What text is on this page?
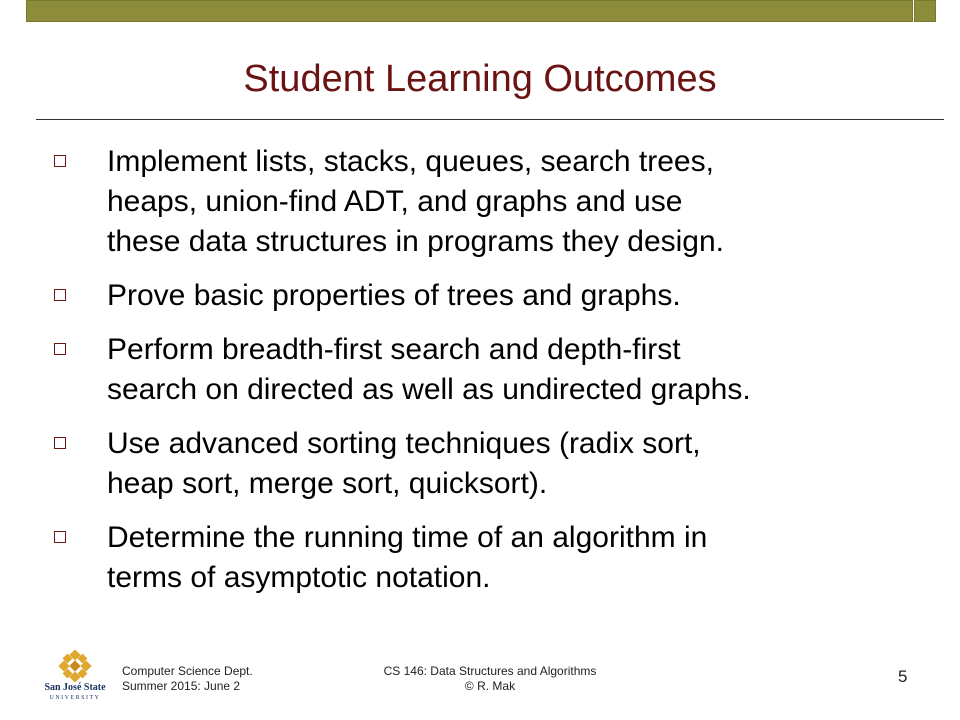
Student Learning Outcomes
Implement lists, stacks, queues, search trees,
heaps, union-find ADT, and graphs and use
these data structures in programs they design.
Prove basic properties of trees and graphs.
Perform breadth-first search and depth-first
search on directed as well as undirected graphs.
Use advanced sorting techniques (radix sort,
heap sort, merge sort, quicksort).
Determine the running time of an algorithm in
terms of asymptotic notation.
San José State
UNIVERSITY
Computer Science Dept.
Summer 2015: June 2
CS 146: Data Structures and Algorithms
© R. Mak	5
